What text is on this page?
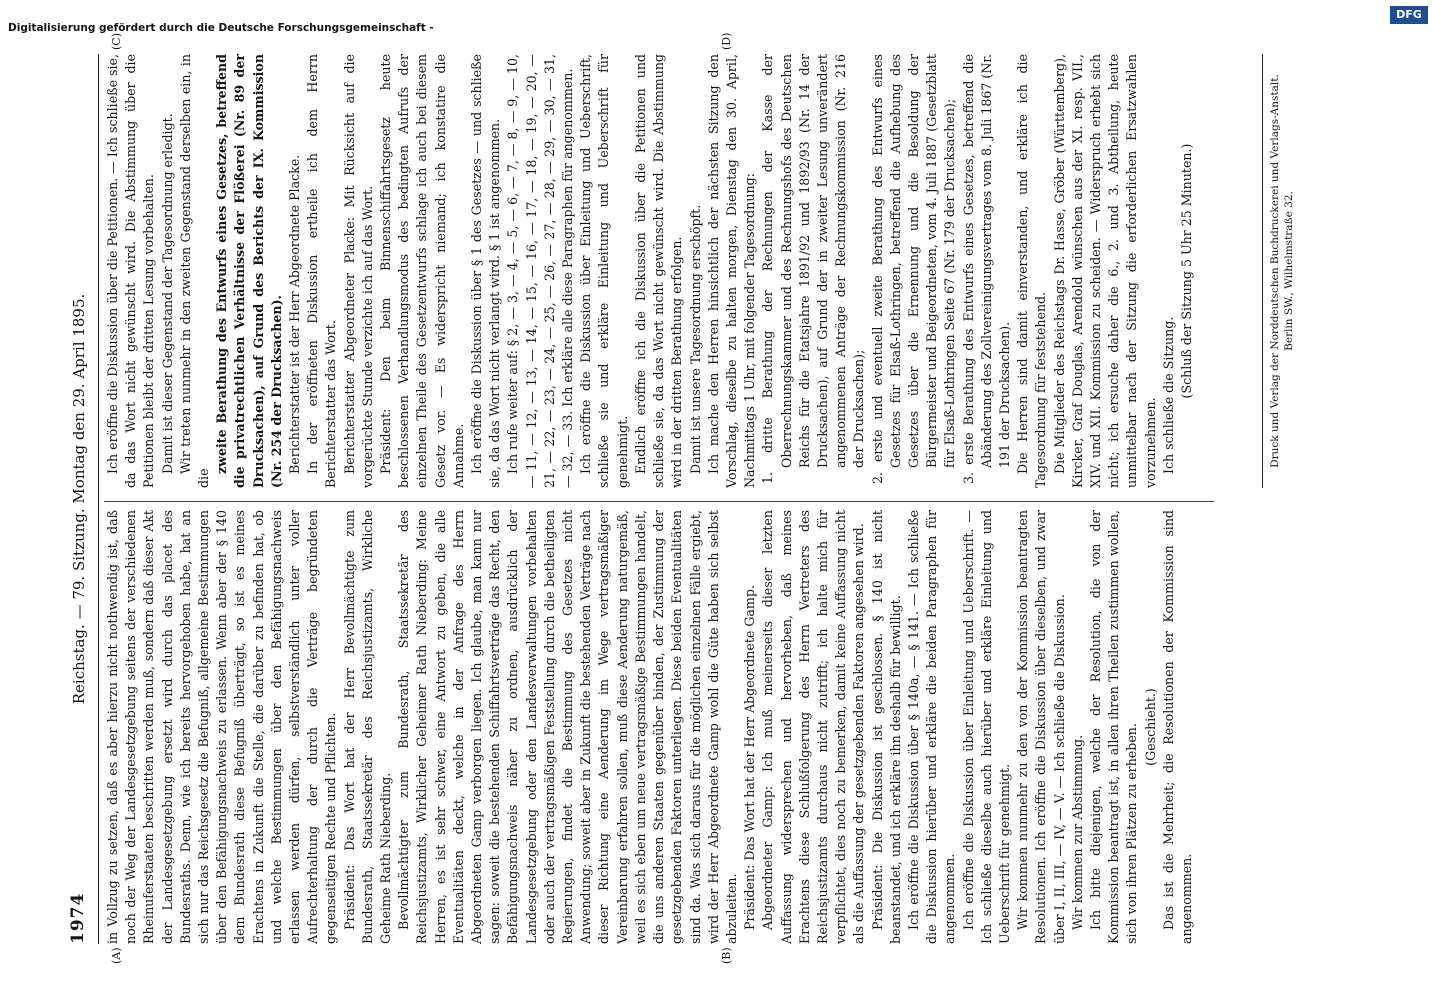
1974
Reichstag. — 79. Sitzung. Montag den 29. April 1895.
(A)	(B)
(C)	(D)

in Vollzug zu setzen, daß es aber hierzu nicht nothwendig ist, daß noch der Weg der Landesgesetzgebung seitens der verschiedenen Rheinuferstaaten beschritten werden muß, sondern daß dieser Akt der Landesgesetzgebung ersetzt wird durch das placet des Bundesraths. Denn, wie ich bereits hervorgehoben habe, hat an sich nur das Reichsgesetz die Befugniß, allgemeine Bestimmungen über den Befähigungsnachweis zu erlassen. Wenn aber der § 140 dem Bundesrath diese Befugniß überträgt, so ist es meines Erachtens in Zukunft die Stelle, die darüber zu befinden hat, ob und welche Bestimmungen über den Befähigungsnachweis erlassen werden dürfen, selbstverständlich unter voller Aufrechterhaltung der durch die Verträge begründeten gegenseitigen Rechte und Pflichten. Präsident: Das Wort hat der Herr Bevollmächtigte zum Bundesrath, Staatssekretär des Reichsjustizamts, Wirkliche Geheime Rath Nieberding. Bevollmächtigter zum Bundesrath, Staatssekretär des Reichsjustizamts, Wirklicher Geheimer Rath Nieberding: Meine Herren, es ist sehr schwer, eine Antwort zu geben, die alle Eventualitäten deckt, welche in der Anfrage des Herrn Abgeordneten Gamp verborgen liegen. Ich glaube, man kann nur sagen: soweit die bestehenden Schiffahrtsverträge das Recht, den Befähigungsnachweis näher zu ordnen, ausdrücklich der Landesgesetzgebung oder den Landesverwaltungen vorbehalten oder auch der vertragsmäßigen Feststellung durch die betheiligten Regierungen, findet die Bestimmung des Gesetzes nicht Anwendung; soweit aber in Zukunft die bestehenden Verträge nach dieser Richtung eine Aenderung im Wege vertragsmäßiger Vereinbarung erfahren sollen, muß diese Aenderung naturgemäß, weil es sich eben um neue vertragsmäßige Bestimmungen handelt, die uns anderen Staaten gegenüber binden, der Zustimmung der gesetzgebenden Faktoren unterliegen. Diese beiden Eventualitäten sind da. Was sich daraus für die möglichen einzelnen Fälle ergiebt, wird der Herr Abgeordnete Gamp wohl die Güte haben sich selbst abzuleiten. Präsident: Das Wort hat der Herr Abgeordnete Gamp. Abgeordneter Gamp: Ich muß meinerseits dieser letzten Auffassung widersprechen und hervorheben, daß meines Erachtens diese Schlußfolgerung des Herrn Vertreters des Reichsjustizamts durchaus nicht zutrifft; ich halte mich für verpflichtet, dies noch zu bemerken, damit keine Auffassung nicht als die Auffassung der gesetzgebenden Faktoren angesehen wird. Präsident: Die Diskussion ist geschlossen. § 140 ist nicht beanstandet, und ich erkläre ihn deshalb für bewilligt. Ich eröffne die Diskussion über § 140a, — § 141. — Ich schließe die Diskussion hierüber und erkläre die beiden Paragraphen für angenommen. Ich eröffne die Diskussion über Einleitung und Ueberschrift. — Ich schließe dieselbe auch hierüber und erkläre Einleitung und Ueberschrift für genehmigt. Wir kommen nunmehr zu den von der Kommission beantragten Resolutionen. Ich eröffne die Diskussion über dieselben, und zwar über I, II, III, — IV, — V. — Ich schließe die Diskussion. Wir kommen zur Abstimmung. Ich bitte diejenigen, welche der Resolution, die von der Kommission beantragt ist, in allen ihren Theilen zustimmen wollen, sich von ihren Plätzen zu erheben. (Geschieht.) Das ist die Mehrheit; die Resolutionen der Kommission sind angenommen.

Ich eröffne die Diskussion über die Petitionen. — Ich schließe sie, da das Wort nicht gewünscht wird. Die Abstimmung über die Petitionen bleibt der dritten Lesung vorbehalten. Damit ist dieser Gegenstand der Tagesordnung erledigt. Wir treten nunmehr in den zweiten Gegenstand derselben ein, in die

zweite Berathung des Entwurfs eines Gesetzes, betreffend die privatrechtlichen Verhältnisse der Flößerei (Nr. 89 der Drucksachen), auf Grund des Berichts der IX. Kommission (Nr. 254 der Drucksachen). Berichterstatter ist der Herr Abgeordnete Placke. In der eröffneten Diskussion ertheile ich dem Herrn Berichterstatter das Wort. Berichterstatter Abgeordneter Placke: Mit Rücksicht auf die vorgerückte Stunde verzichte ich auf das Wort. Präsident: Den beim Binnenschiffahrtsgesetz heute beschlossenen Verhandlungsmodus des bedingten Aufrufs der einzelnen Theile des Gesetzentwurfs schlage ich auch bei diesem Gesetz vor. — Es widerspricht niemand; ich konstatire die Annahme. Ich eröffne die Diskussion über § 1 des Gesetzes — und schließe sie, da das Wort nicht verlangt wird. § 1 ist angenommen. Ich rufe weiter auf: § 2, — 3, — 4, — 5, — 6, — 7, — 8, — 9, — 10, — 11, — 12, — 13, — 14, — 15, — 16, — 17, — 18, — 19, — 20, — 21, — 22, — 23, — 24, — 25, — 26, — 27, — 28, — 29, — 30, — 31, — 32, — 33. Ich erkläre alle diese Paragraphen für angenommen. Ich eröffne die Diskussion über Einleitung und Ueberschrift, schließe sie und erkläre Einleitung und Ueberschrift für genehmigt. Endlich eröffne ich die Diskussion über die Petitionen und schließe sie, da das Wort nicht gewünscht wird. Die Abstimmung wird in der dritten Berathung erfolgen. Damit ist unsere Tagesordnung erschöpft. Ich mache den Herren hinsichtlich der nächsten Sitzung den Vorschlag, dieselbe zu halten morgen, Dienstag den 30. April, Nachmittags 1 Uhr, mit folgender Tagesordnung: 1. dritte Berathung der Rechnungen der Kasse der Oberrechnungskammer und des Rechnungshofs des Deutschen Reichs für die Etatsjahre 1891/92 und 1892/93 (Nr. 14 der Drucksachen), auf Grund der in zweiter Lesung unverändert angenommenen Anträge der Rechnungskommission (Nr. 216 der Drucksachen); 2. erste und eventuell zweite Berathung des Entwurfs eines Gesetzes für Elsaß-Lothringen, betreffend die Aufhebung des Gesetzes über die Ernennung und die Besoldung der Bürgermeister und Beigeordneten, vom 4. Juli 1887 (Gesetzblatt für Elsaß-Lothringen Seite 67 (Nr. 179 der Drucksachen); 3. erste Berathung des Entwurfs eines Gesetzes, betreffend die Abänderung des Zollvereinigungsvertrages vom 8. Juli 1867 (Nr. 191 der Drucksachen). Die Herren sind damit einverstanden, und erkläre ich die Tagesordnung für feststehend. Die Mitglieder des Reichstags Dr. Hasse, Gröber (Württemberg), Kircker, Graf Douglas, Arendold wünschen aus der XI. resp. VII., XIV. und XII. Kommission zu scheiden. — Widerspruch erhebt sich nicht; ich ersuche daher die 6., 2. und 3. Abtheilung, heute unmittelbar nach der Sitzung die erforderlichen Ersatzwahlen vorzunehmen. Ich schließe die Sitzung. (Schluß der Sitzung 5 Uhr 25 Minuten.)	Druck und Verlag der Norddeutschen Buchdruckerei und Verlags-Anstalt. Berlin SW., Wilhelmstraße 32.
Digitalisierung gefördert durch die Deutsche Forschungsgemeinschaft -
DFG
